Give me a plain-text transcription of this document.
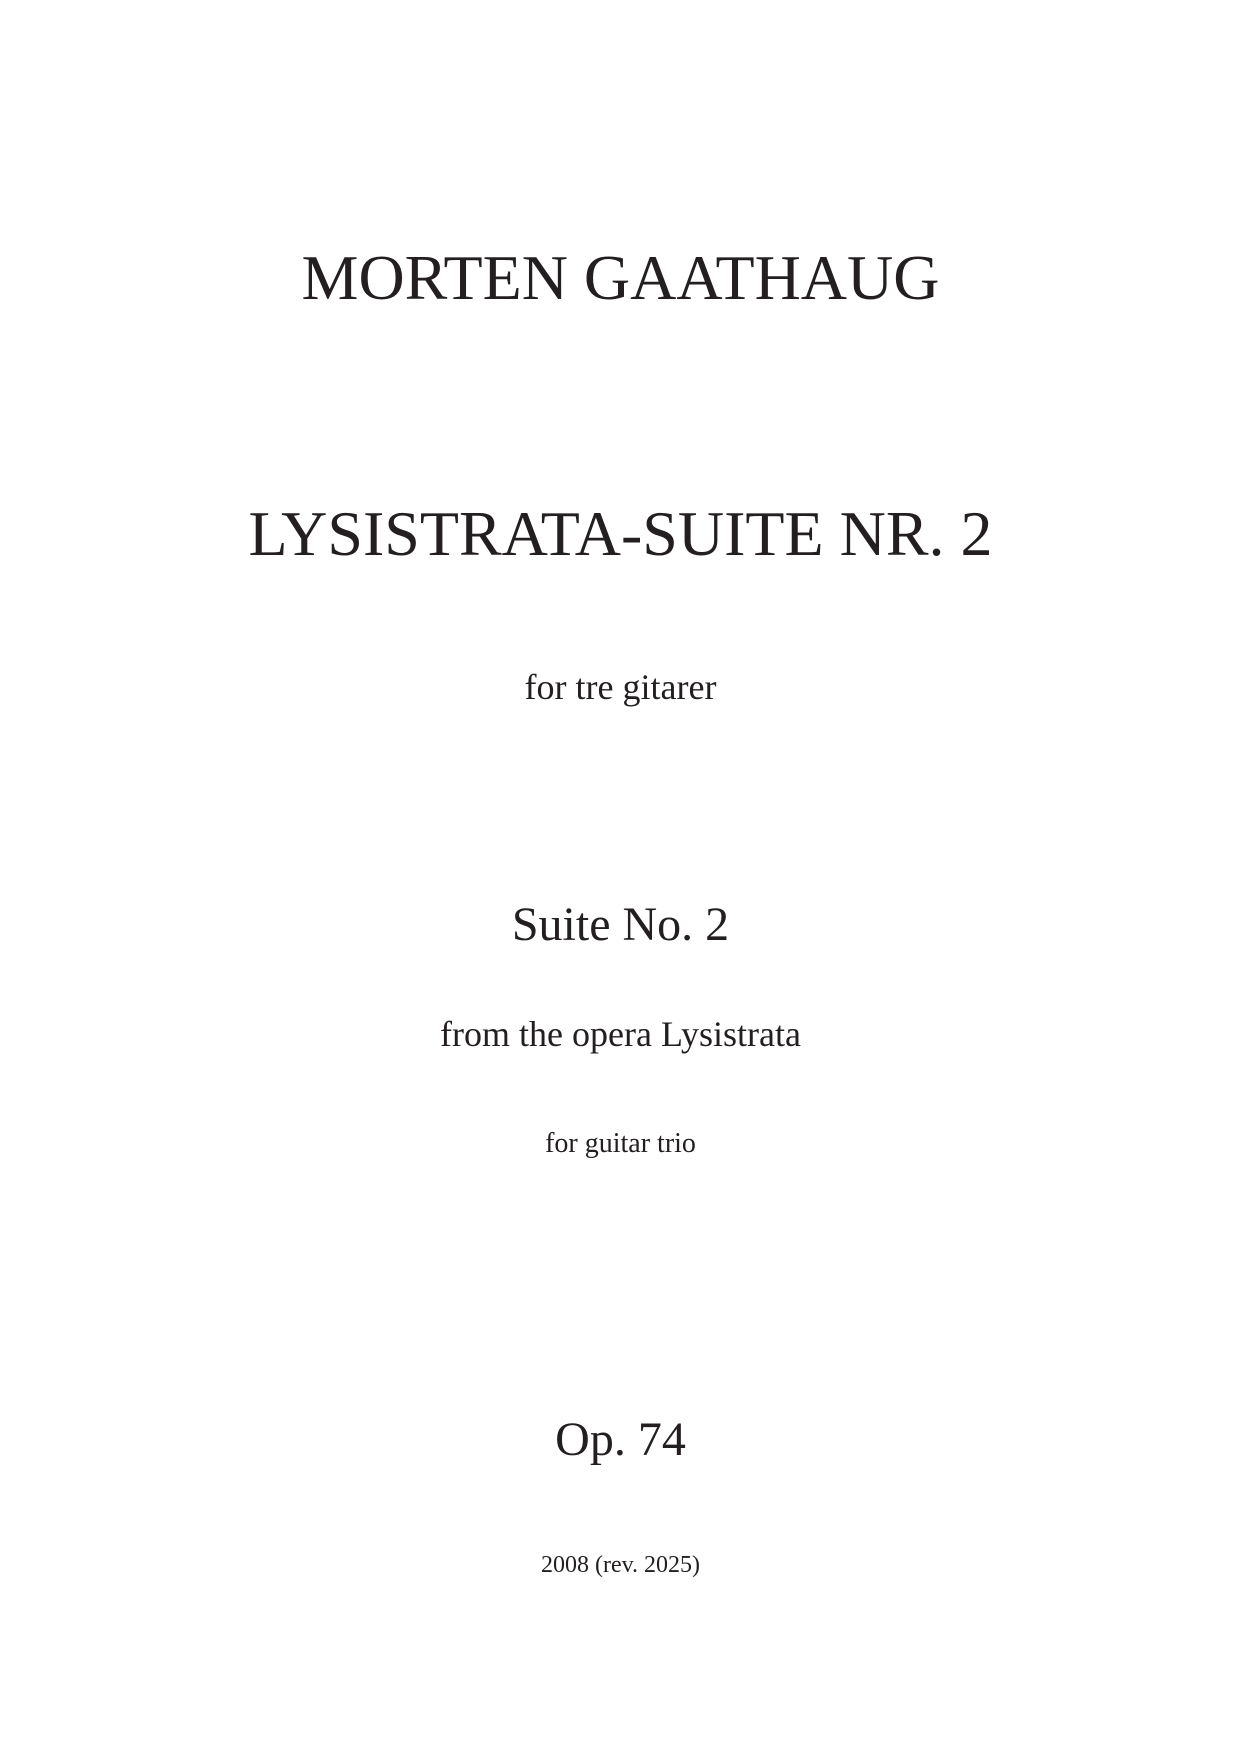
MORTEN GAATHAUG
LYSISTRATA-SUITE NR. 2
for tre gitarer
Suite No. 2
from the opera Lysistrata
for guitar trio
Op. 74
2008 (rev. 2025)
